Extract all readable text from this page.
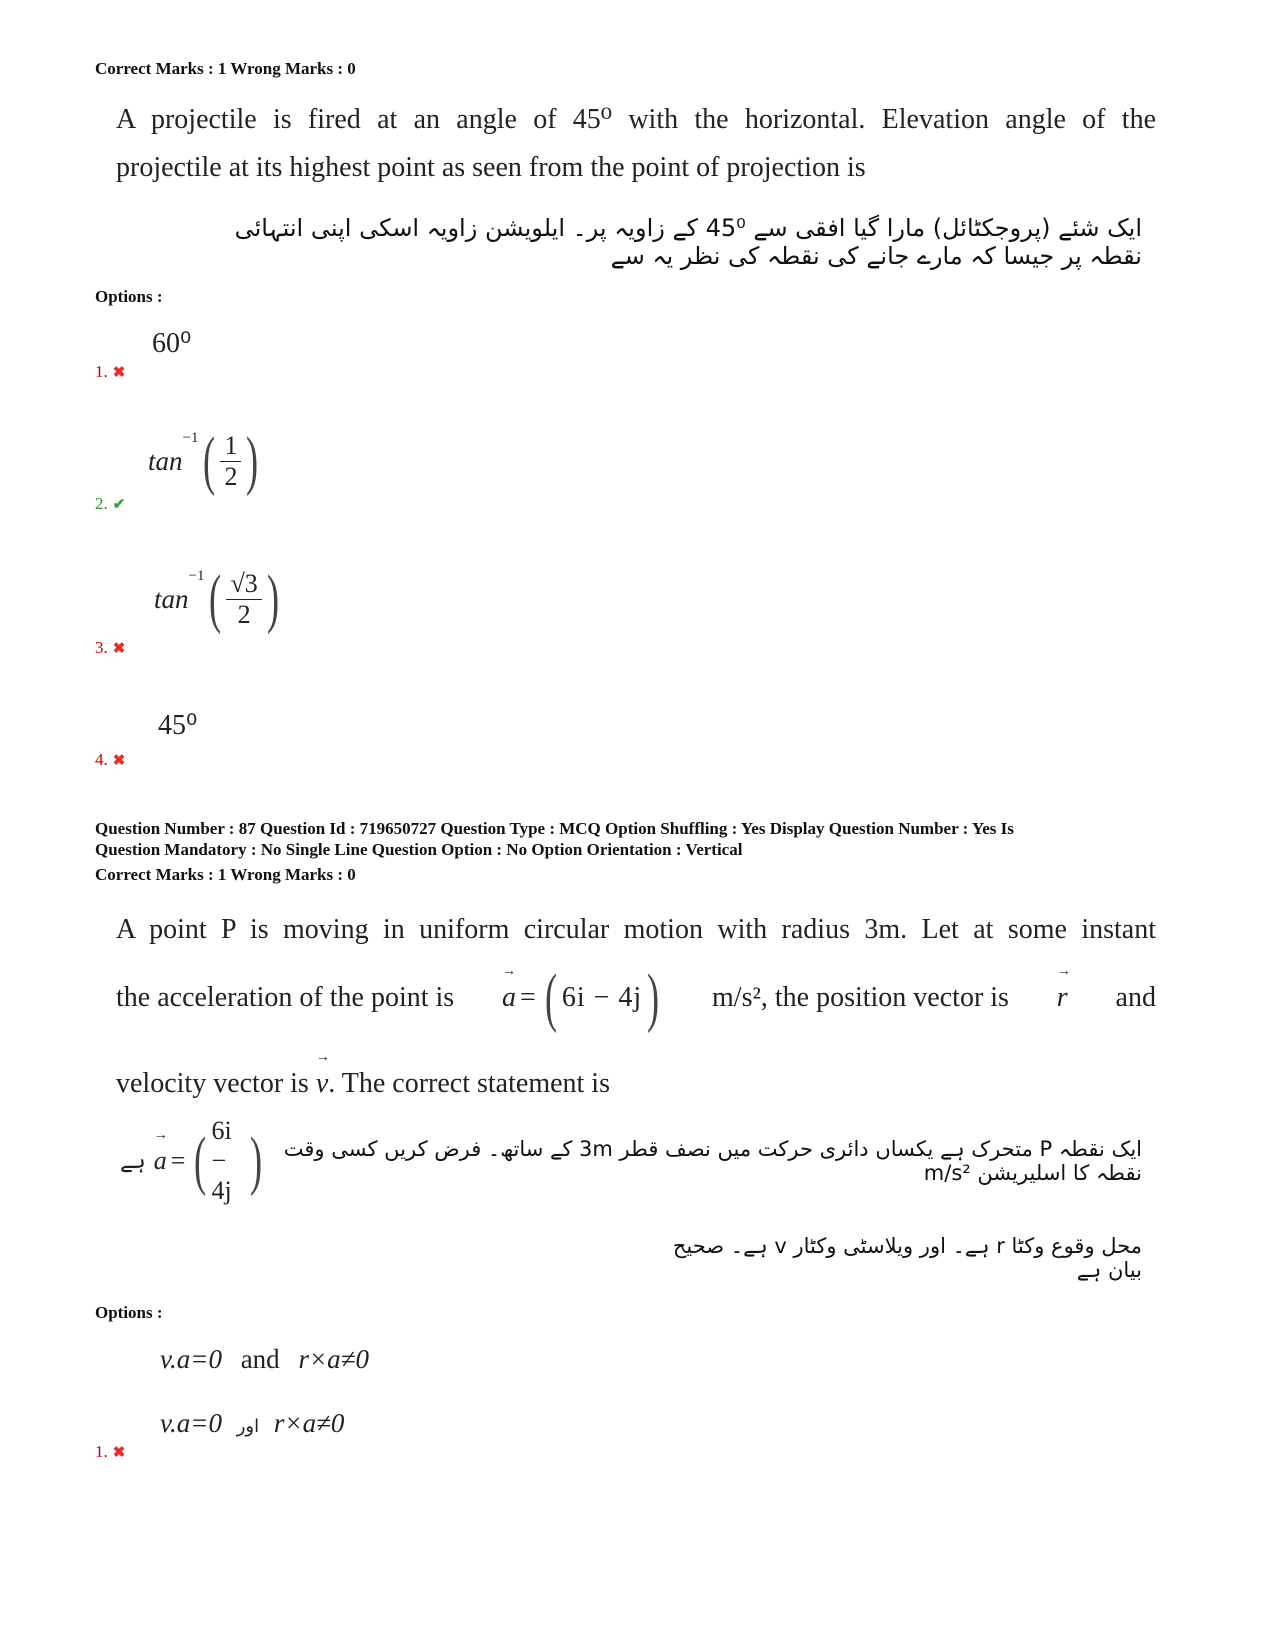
Correct Marks : 1 Wrong Marks : 0
A projectile is fired at an angle of 45⁰ with the horizontal. Elevation angle of the
projectile at its highest point as seen from the point of projection is
ایک شئے (پروجکٹائل) مارا گیا افقی سے 45⁰ کے زاویہ پر۔ ایلویشن زاویہ اسکی اپنی انتہائی نقطہ پر جیسا کہ مارے جانے کی نقطہ کی نظر یہ سے
Options :
60⁰
1. ✖
tan
$^{-1}$ ( $\frac{1}{2}$ )
2. ✔
tan
$^{-1}$ ( $\frac{√3}{2}$ )
3. ✖
45⁰
4. ✖
Question Number : 87 Question Id : 719650727 Question Type : MCQ Option Shuffling : Yes Display Question Number : Yes Is
Question Mandatory : No Single Line Question Option : No Option Orientation : Vertical
Correct Marks : 1 Wrong Marks : 0
A point P is moving in uniform circular motion with radius 3m. Let at some instant
the acceleration of the point is → a = ( 6i − 4j ) m/s², the position vector is → r and
velocity vector is → v. The correct statement is
ہے → a = ( 6i − 4j )	ایک نقطہ P متحرک ہے یکساں دائری حرکت میں نصف قطر 3m کے ساتھ۔ فرض کریں کسی وقت نقطہ کا اسلیریشن m/s²
محل وقوع وکٹا r ہے۔ اور ویلاسٹی وکٹار v ہے۔ صحیح بیان ہے
Options :
v.a=0 and r×a≠0
v.a=0 اور r×a≠0
1. ✖
